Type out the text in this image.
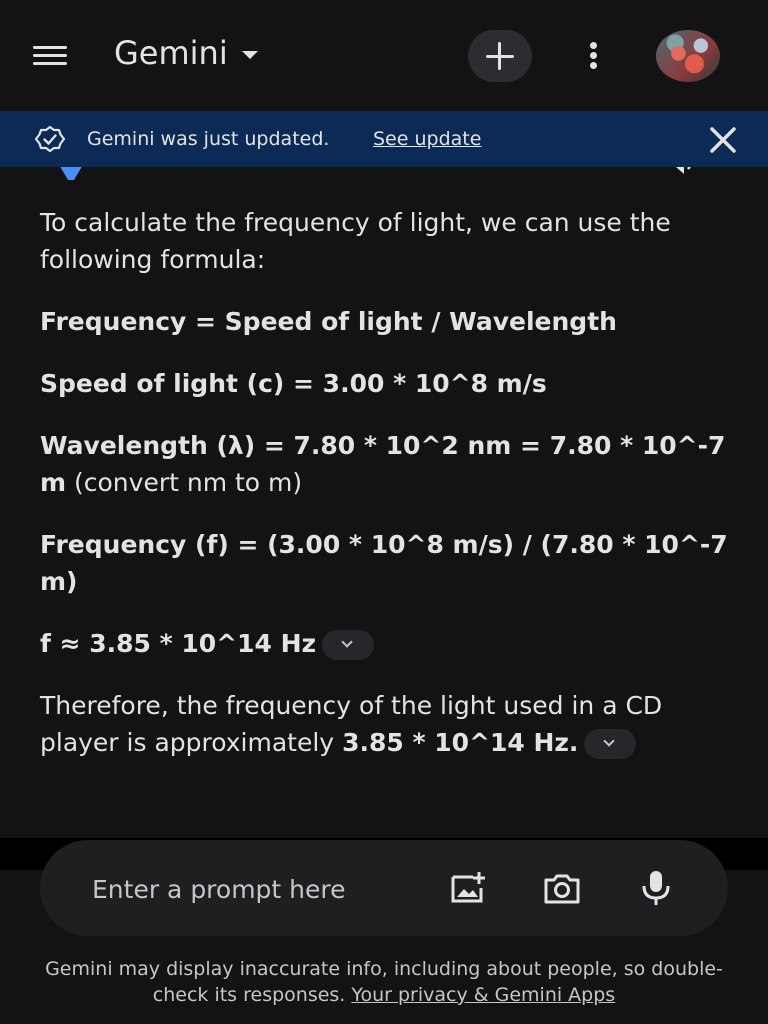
Gemini
Gemini was just updated. See update

To calculate the frequency of light, we can use the following formula:

Frequency = Speed of light / Wavelength

Speed of light (c) = 3.00 * 10^8 m/s

Wavelength (λ) = 7.80 * 10^2 nm = 7.80 * 10^-7 m (convert nm to m)

Frequency (f) = (3.00 * 10^8 m/s) / (7.80 * 10^-7 m)

f ≈ 3.85 * 10^14 Hz

Therefore, the frequency of the light used in a CD player is approximately 3.85 * 10^14 Hz.

Enter a prompt here
Gemini may display inaccurate info, including about people, so double-check its responses. Your privacy & Gemini Apps
